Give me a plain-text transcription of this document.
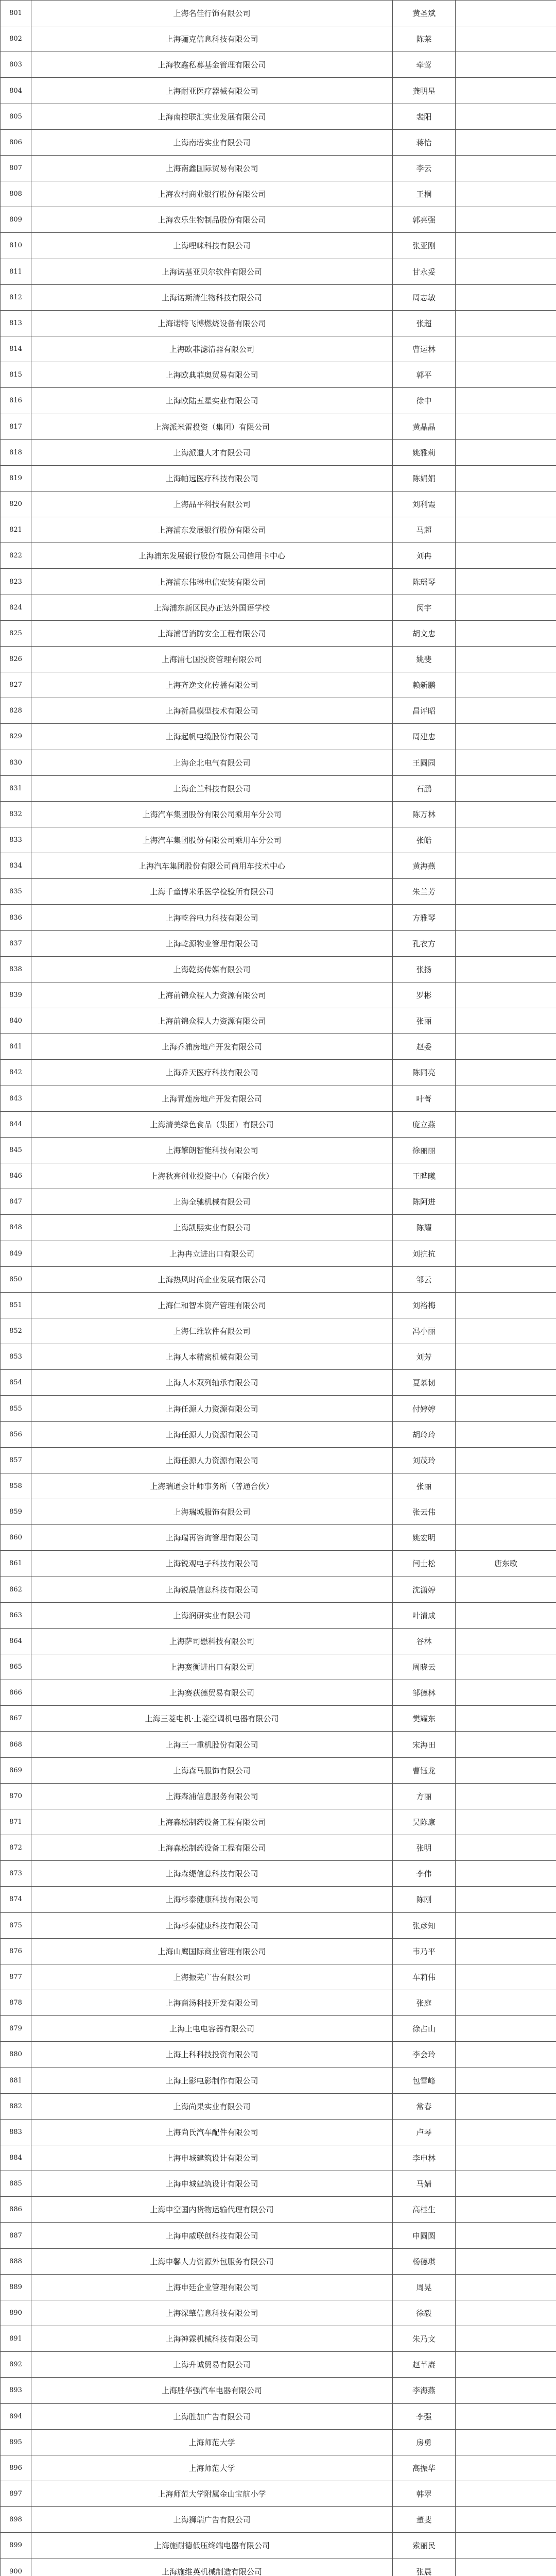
801	上海名佳行饰有限公司	黄圣斌	
802	上海骊克信息科技有限公司	陈莱	
803	上海牧鑫私募基金管理有限公司	牵莺	
804	上海耐亚医疗器械有限公司	龚明星	
805	上海南控联汇实业发展有限公司	裴阳	
806	上海南塔实业有限公司	蒋怡	
807	上海南鑫国际贸易有限公司	李云	
808	上海农村商业银行股份有限公司	王桐	
809	上海农乐生物制品股份有限公司	郭亮强	
810	上海哩咪科技有限公司	张亚刚	
811	上海诺基亚贝尔软件有限公司	甘永妥	
812	上海诺斯清生物科技有限公司	周志敏	
813	上海诺特飞博燃烧设备有限公司	张超	
814	上海欧菲滤清器有限公司	曹运林	
815	上海欧典菲奥贸易有限公司	郭平	
816	上海欧陆五星实业有限公司	徐中	
817	上海派米雷投资（集团）有限公司	黄晶晶	
818	上海派遣人才有限公司	姚雅莉	
819	上海帕远医疗科技有限公司	陈娟娟	
820	上海品平科技有限公司	刘利霞	
821	上海浦东发展银行股份有限公司	马超	
822	上海浦东发展银行股份有限公司信用卡中心	刘冉	
823	上海浦东伟琳电信安装有限公司	陈瑶琴	
824	上海浦东新区民办正达外国语学校	闵宇	
825	上海浦晋消防安全工程有限公司	胡文忠	
826	上海浦七国投资管理有限公司	姚斐	
827	上海齐逸文化传播有限公司	赖新鹏	
828	上海祈昌模型技术有限公司	昌评昭	
829	上海起帆电缆股份有限公司	周建忠	
830	上海企北电气有限公司	王圆园	
831	上海企兰科技有限公司	石鹏	
832	上海汽车集团股份有限公司乘用车分公司	陈万林	
833	上海汽车集团股份有限公司乘用车分公司	张皓	
834	上海汽车集团股份有限公司商用车技术中心	黄海燕	
835	上海千童博米乐医学检验所有限公司	朱兰芳	
836	上海乾谷电力科技有限公司	方雅琴	
837	上海乾源物业管理有限公司	孔衣方	
838	上海乾扬传媒有限公司	张扬	
839	上海前锦众程人力资源有限公司	罗彬	
840	上海前锦众程人力资源有限公司	张丽	
841	上海乔浦房地产开发有限公司	赵委	
842	上海乔天医疗科技有限公司	陈同亮	
843	上海青莲房地产开发有限公司	叶菁	
844	上海清美绿色食品（集团）有限公司	庞立燕	
845	上海擎朗智能科技有限公司	徐丽丽	
846	上海秋亮创业投资中心（有限合伙）	王晔曦	
847	上海全驰机械有限公司	陈阿进	
848	上海凯熙实业有限公司	陈耀	
849	上海冉立进出口有限公司	刘抗抗	
850	上海热风时尚企业发展有限公司	邹云	
851	上海仁和智本资产管理有限公司	刘裕梅	
852	上海仁维软件有限公司	冯小丽	
853	上海人本精密机械有限公司	刘芳	
854	上海人本双列轴承有限公司	夏慕韧	
855	上海任源人力资源有限公司	付婷婷	
856	上海任源人力资源有限公司	胡玲玲	
857	上海任源人力资源有限公司	刘茂玲	
858	上海瑞通会计师事务所（普通合伙）	张丽	
859	上海瑞城服饰有限公司	张云伟	
860	上海瑞再咨询管理有限公司	姚宏明	
861	上海锐观电子科技有限公司	闫士松	唐东歌
862	上海锐晨信息科技有限公司	沈潇婷	
863	上海润研实业有限公司	叶清成	
864	上海萨司懋科技有限公司	谷林	
865	上海赛衡进出口有限公司	周晓云	
866	上海赛荻德贸易有限公司	邹德林	
867	上海三菱电机·上菱空调机电器有限公司	樊耀东	
868	上海三一重机股份有限公司	宋海田	
869	上海森马服饰有限公司	曹钰龙	
870	上海森浦信息服务有限公司	方丽	
871	上海森松制药设备工程有限公司	吴陈康	
872	上海森松制药设备工程有限公司	张明	
873	上海森缇信息科技有限公司	李伟	
874	上海杉泰健康科技有限公司	陈刚	
875	上海杉泰健康科技有限公司	张彦知	
876	上海山鹰国际商业管理有限公司	韦乃平	
877	上海振芜广告有限公司	车莉伟	
878	上海商汤科技开发有限公司	张庭	
879	上海上电电容器有限公司	徐占山	
880	上海上科科技投资有限公司	李会玲	
881	上海上影电影制作有限公司	包雪峰	
882	上海尚果实业有限公司	常春	
883	上海尚氏汽车配件有限公司	卢琴	
884	上海申城建筑设计有限公司	李申林	
885	上海申城建筑设计有限公司	马婧	
886	上海申空国内货物运输代理有限公司	高桂生	
887	上海申威联创科技有限公司	申圆圆	
888	上海申馨人力资源外包服务有限公司	杨德琪	
889	上海申廷企业管理有限公司	周晃	
890	上海深肇信息科技有限公司	徐毅	
891	上海神霖机械科技有限公司	朱乃文	
892	上海升诚贸易有限公司	赵芊赓	
893	上海胜华强汽车电器有限公司	李海燕	
894	上海胜加广告有限公司	李强	
895	上海师范大学	房勇	
896	上海师范大学	高振华	
897	上海师范大学附属金山宝航小学	韩翠	
898	上海狮瑞广告有限公司	董斐	
899	上海施耐德低压终端电器有限公司	索丽民	
900	上海施维英机械制造有限公司	张晨	
